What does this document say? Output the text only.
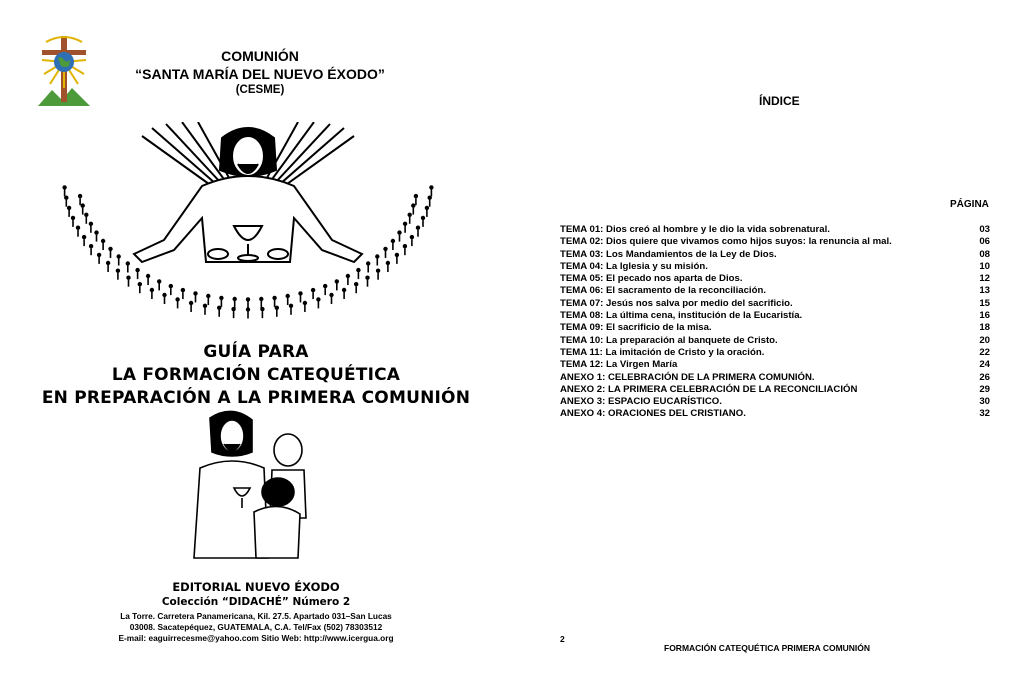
COMUNIÓN
“SANTA MARÍA DEL NUEVO ÉXODO”
(CESME)
GUÍA PARA
LA FORMACIÓN CATEQUÉTICA
EN PREPARACIÓN A LA PRIMERA COMUNIÓN
EDITORIAL NUEVO ÉXODO
Colección “DIDACHÉ” Número 2
La Torre. Carretera Panamericana, Kil. 27.5. Apartado 031–San Lucas
03008. Sacatepéquez, GUATEMALA, C.A. Tel/Fax (502) 78303512
E-mail: eaguirrecesme@yahoo.com Sitio Web: http://www.icergua.org
ÍNDICE
PÁGINA
TEMA 01: Dios creó al hombre y le dio la vida sobrenatural.	03
TEMA 02: Dios quiere que vivamos como hijos suyos: la renuncia al mal.	06
TEMA 03: Los Mandamientos de la Ley de Dios.	08
TEMA 04: La Iglesia y su misión.	10
TEMA 05: El pecado nos aparta de Dios.	12
TEMA 06: El sacramento de la reconciliación.	13
TEMA 07: Jesús nos salva por medio del sacrificio.	15
TEMA 08: La última cena, institución de la Eucaristía.	16
TEMA 09: El sacrificio de la misa.	18
TEMA 10: La preparación al banquete de Cristo.	20
TEMA 11: La imitación de Cristo y la oración.	22
TEMA 12: La Virgen María	24
ANEXO 1: CELEBRACIÓN DE LA PRIMERA COMUNIÓN.	26
ANEXO 2: LA PRIMERA CELEBRACIÓN DE LA RECONCILIACIÓN	29
ANEXO 3: ESPACIO EUCARÍSTICO.	30
ANEXO 4: ORACIONES DEL CRISTIANO.	32
2
FORMACIÓN CATEQUÉTICA PRIMERA COMUNIÓN
